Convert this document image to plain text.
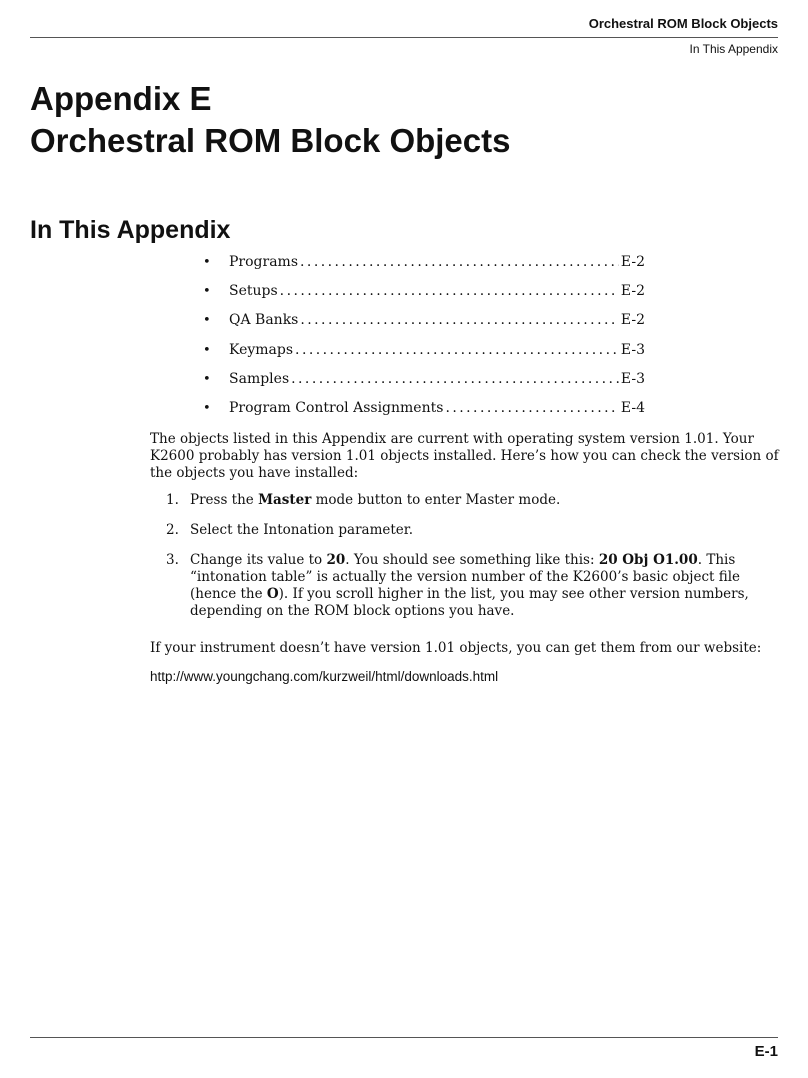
Orchestral ROM Block Objects
In This Appendix
Appendix E
Orchestral ROM Block Objects
In This Appendix
• Programs . . .	E-2
• Setups . . .	E-2
• QA Banks . . .	E-2
• Keymaps . . .	E-3
• Samples . . .	E-3
• Program Control Assignments . . .	E-4

The objects listed in this Appendix are current with operating system version 1.01. Your K2600 probably has version 1.01 objects installed. Here’s how you can check the version of the objects you have installed:

1. Press the Master mode button to enter Master mode.
2. Select the Intonation parameter.
3. Change its value to 20. You should see something like this: 20 Obj O1.00. This “intonation table” is actually the version number of the K2600’s basic object file (hence the O). If you scroll higher in the list, you may see other version numbers, depending on the ROM block options you have.

If your instrument doesn’t have version 1.01 objects, you can get them from our website:

http://www.youngchang.com/kurzweil/html/downloads.html
E-1
